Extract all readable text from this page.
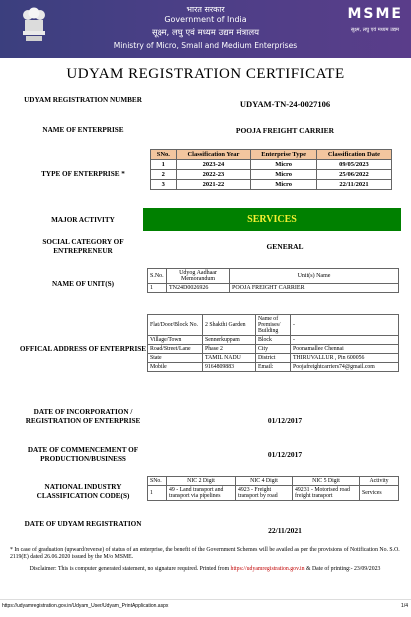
भारत सरकार
Government of India
सूक्ष्म, लघु एवं मध्यम उद्यम मंत्रालय
Ministry of Micro, Small and Medium Enterprises
MSME
सूक्ष्म, लघु एवं मध्यम उद्यम
UDYAM REGISTRATION CERTIFICATE
UDYAM REGISTRATION NUMBER	UDYAM-TN-24-0027106
NAME OF ENTERPRISE	POOJA FREIGHT CARRIER
TYPE OF ENTERPRISE *
SNo.	Classification Year	Enterprise Type	Classification Date
1	2023-24	Micro	09/05/2023
2	2022-23	Micro	25/06/2022
3	2021-22	Micro	22/11/2021
MAJOR ACTIVITY	SERVICES
SOCIAL CATEGORY OF ENTREPRENEUR	GENERAL
NAME OF UNIT(S)
S.No.	Udyog Aadhaar Memorandum	Unit(s) Name
1	TN24D0026926	POOJA FREIGHT CARRIER
OFFICAL ADDRESS OF ENTERPRISE
Flat/Door/Block No.	2 Shakthi Garden	Name of Premises/ Building	-
Village/Town	Sennerkuppam	Block	-
Road/Street/Lane	Phase 2	City	Poonamallee Chennai
State	TAMIL NADU	District	THIRUVALLUR , Pin 600056
Mobile	9164809883	Email:	Poojafreightcarriers74@gmail.com
DATE OF INCORPORATION / REGISTRATION OF ENTERPRISE	01/12/2017
DATE OF COMMENCEMENT OF PRODUCTION/BUSINESS	01/12/2017
NATIONAL INDUSTRY CLASSIFICATION CODE(S)
SNo.	NIC 2 Digit	NIC 4 Digit	NIC 5 Digit	Activity
1	49 - Land transport and transport via pipelines	4923 - Freight transport by road	49231 - Motorised road freight transport	Services
DATE OF UDYAM REGISTRATION
22/11/2021
* In case of graduation (upward/reverse) of status of an enterprise, the benefit of the Government Schemes will be availed as per the provisions of Notification No. S.O. 2119(E) dated 26.06.2020 issued by the M/o MSME.
Disclaimer: This is computer generated statement, no signature required. Printed from https://udyamregistration.gov.in & Date of printing:- 23/09/2023
https://udyamregistration.gov.in/Udyam_User/Udyam_PrintApplication.aspx	1/4
